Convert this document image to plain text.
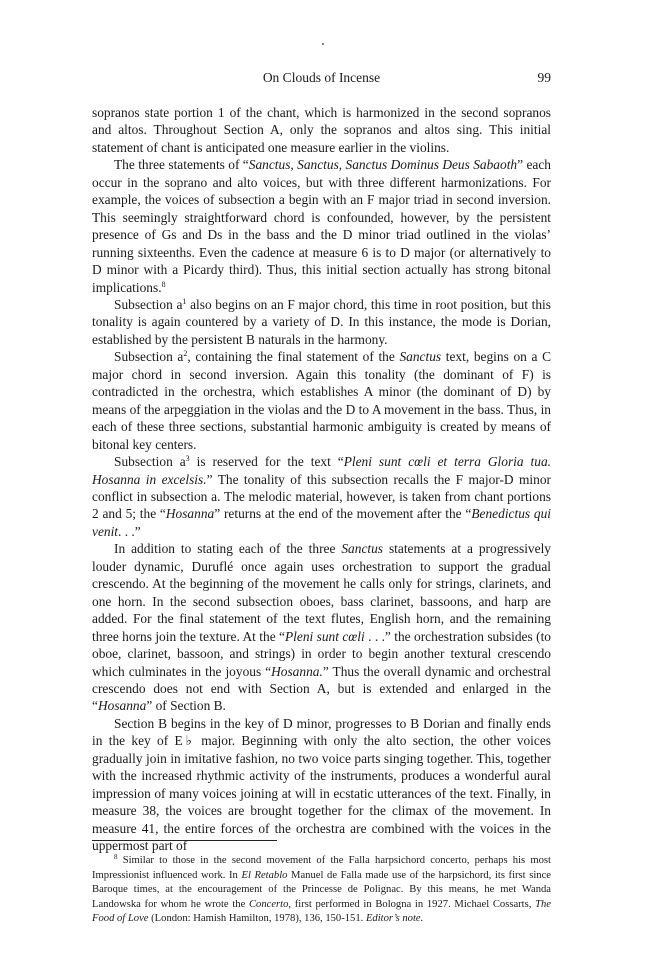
On Clouds of Incense	99

sopranos state portion 1 of the chant, which is harmonized in the second sopranos and altos. Throughout Section A, only the sopranos and altos sing. This initial statement of chant is anticipated one measure earlier in the violins.

The three statements of “Sanctus, Sanctus, Sanctus Dominus Deus Sabaoth” each occur in the soprano and alto voices, but with three different harmonizations. For example, the voices of subsection a begin with an F major triad in second inversion. This seemingly straightforward chord is confounded, however, by the persistent presence of Gs and Ds in the bass and the D minor triad outlined in the violas’ running sixteenths. Even the cadence at measure 6 is to D major (or alternatively to D minor with a Picardy third). Thus, this initial section actually has strong bitonal implications.$^8$

Subsection $a^1$ also begins on an F major chord, this time in root position, but this tonality is again countered by a variety of D. In this instance, the mode is Dorian, established by the persistent B naturals in the harmony.

Subsection $a^2$, containing the final statement of the Sanctus text, begins on a C major chord in second inversion. Again this tonality (the dominant of F) is contradicted in the orchestra, which establishes A minor (the dominant of D) by means of the arpeggiation in the violas and the D to A movement in the bass. Thus, in each of these three sections, substantial harmonic ambiguity is created by means of bitonal key centers.

Subsection $a^3$ is reserved for the text “Pleni sunt cœli et terra Gloria tua. Hosanna in excelsis.” The tonality of this subsection recalls the F major-D minor conflict in subsection a. The melodic material, however, is taken from chant portions 2 and 5; the “Hosanna” returns at the end of the movement after the “Benedictus qui venit. . .”

In addition to stating each of the three Sanctus statements at a progressively louder dynamic, Duruflé once again uses orchestration to support the gradual crescendo. At the beginning of the movement he calls only for strings, clarinets, and one horn. In the second subsection oboes, bass clarinet, bassoons, and harp are added. For the final statement of the text flutes, English horn, and the remaining three horns join the texture. At the “Pleni sunt cœli . . .” the orchestration subsides (to oboe, clarinet, bassoon, and strings) in order to begin another textural crescendo which culminates in the joyous “Hosanna.” Thus the overall dynamic and orchestral crescendo does not end with Section A, but is extended and enlarged in the “Hosanna” of Section B.

Section B begins in the key of D minor, progresses to B Dorian and finally ends in the key of E♭ major. Beginning with only the alto section, the other voices gradually join in imitative fashion, no two voice parts singing together. This, together with the increased rhythmic activity of the instruments, produces a wonderful aural impression of many voices joining at will in ecstatic utterances of the text. Finally, in measure 38, the voices are brought together for the climax of the movement. In measure 41, the entire forces of the orchestra are combined with the voices in the uppermost part of

$^8$ Similar to those in the second movement of the Falla harpsichord concerto, perhaps his most Impressionist influenced work. In El Retablo Manuel de Falla made use of the harpsichord, its first since Baroque times, at the encouragement of the Princesse de Polignac. By this means, he met Wanda Landowska for whom he wrote the Concerto, first performed in Bologna in 1927. Michael Cossarts, The Food of Love (London: Hamish Hamilton, 1978), 136, 150-151. Editor’s note.
